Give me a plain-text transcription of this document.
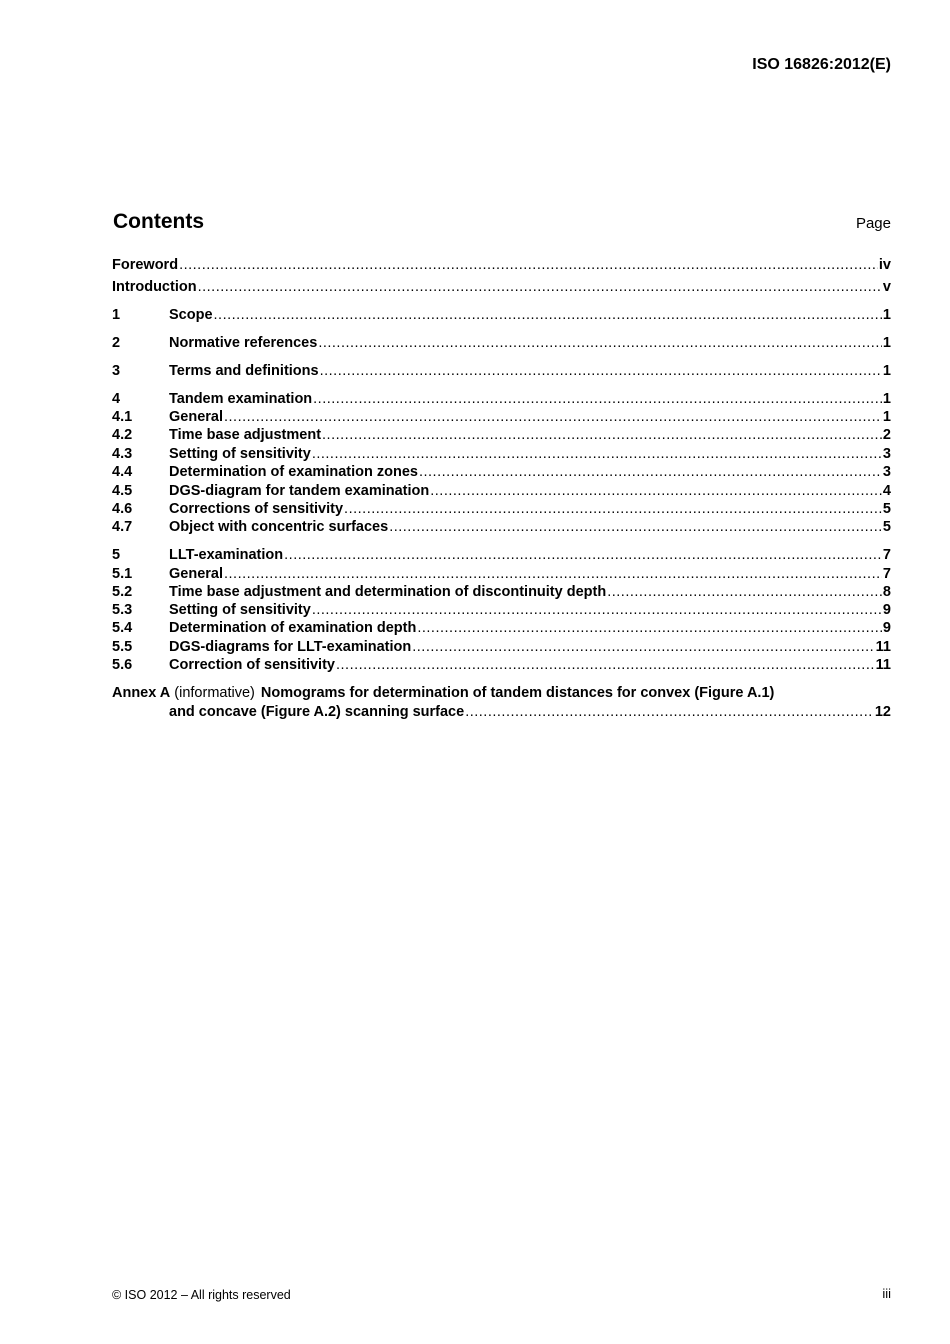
ISO 16826:2012(E)
Contents	Page
Foreword .....	iv
Introduction .....	v
1	Scope .....	1
2	Normative references .....	1
3	Terms and definitions .....	1
4	Tandem examination .....	1
4.1	General .....	1
4.2	Time base adjustment .....	2
4.3	Setting of sensitivity .....	3
4.4	Determination of examination zones .....	3
4.5	DGS-diagram for tandem examination .....	4
4.6	Corrections of sensitivity .....	5
4.7	Object with concentric surfaces .....	5
5	LLT-examination .....	7
5.1	General .....	7
5.2	Time base adjustment and determination of discontinuity depth .....	8
5.3	Setting of sensitivity .....	9
5.4	Determination of examination depth .....	9
5.5	DGS-diagrams for LLT-examination .....	11
5.6	Correction of sensitivity .....	11
Annex A (informative) Nomograms for determination of tandem distances for convex (Figure A.1)
and concave (Figure A.2) scanning surface .....	12
© ISO 2012 – All rights reserved	iii
